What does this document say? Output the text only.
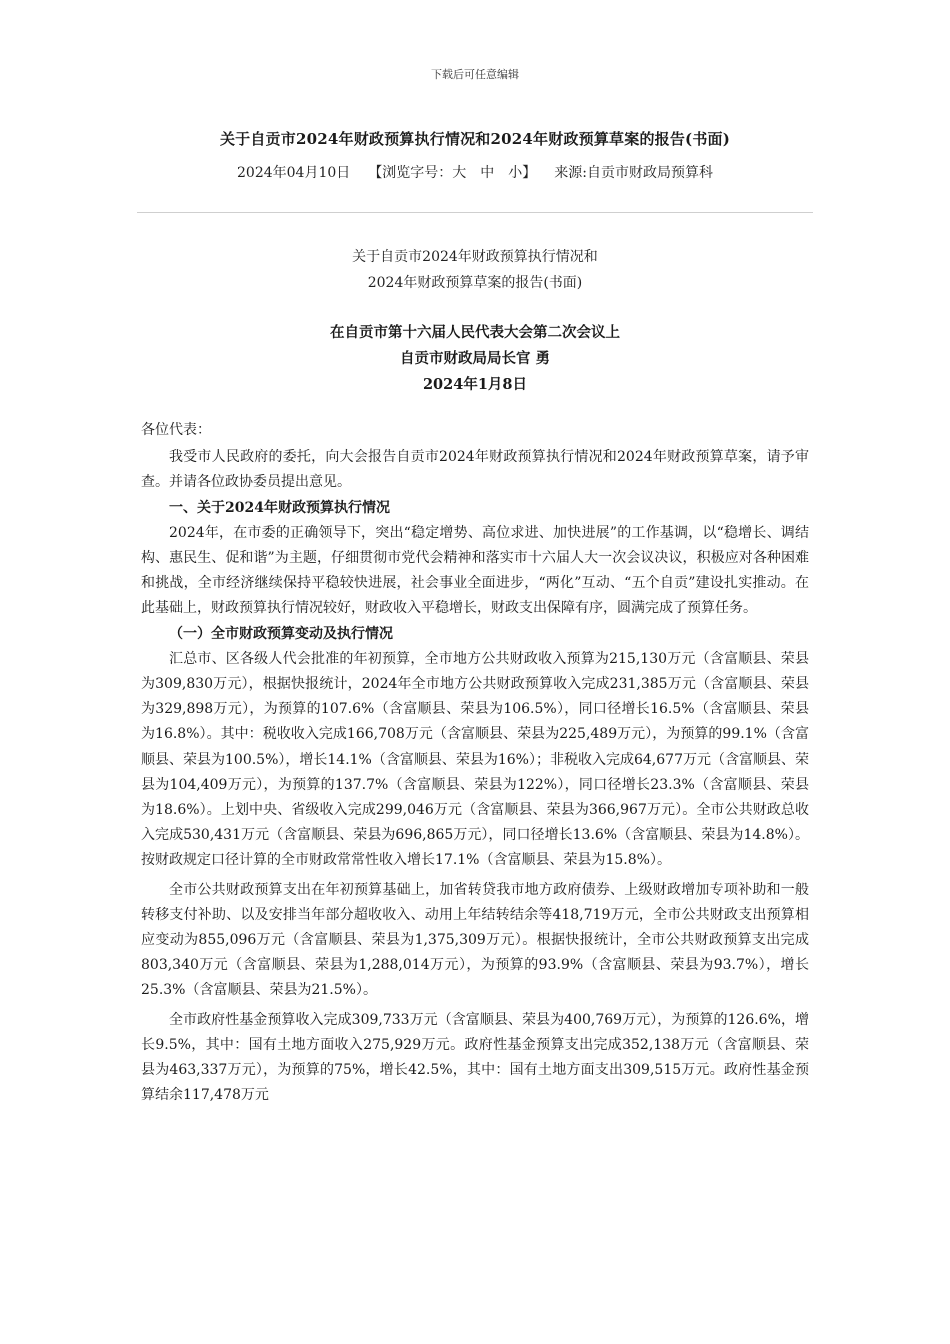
下载后可任意编辑
关于自贡市2024年财政预算执行情况和2024年财政预算草案的报告(书面)
2024年04月10日 【浏览字号：大　中　小】 来源:自贡市财政局预算科
关于自贡市2024年财政预算执行情况和
2024年财政预算草案的报告(书面)
在自贡市第十六届人民代表大会第二次会议上
自贡市财政局局长官 勇
2024年1月8日

各位代表：

我受市人民政府的委托，向大会报告自贡市2024年财政预算执行情况和2024年财政预算草案，请予审查。并请各位政协委员提出意见。

一、关于2024年财政预算执行情况

2024年，在市委的正确领导下，突出“稳定增势、高位求进、加快进展”的工作基调，以“稳增长、调结构、惠民生、促和谐”为主题，仔细贯彻市党代会精神和落实市十六届人大一次会议决议，积极应对各种困难和挑战，全市经济继续保持平稳较快进展，社会事业全面进步，“两化”互动、“五个自贡”建设扎实推动。在此基础上，财政预算执行情况较好，财政收入平稳增长，财政支出保障有序，圆满完成了预算任务。

（一）全市财政预算变动及执行情况

汇总市、区各级人代会批准的年初预算，全市地方公共财政收入预算为215,130万元（含富顺县、荣县为309,830万元），根据快报统计，2024年全市地方公共财政预算收入完成231,385万元（含富顺县、荣县为329,898万元），为预算的107.6%（含富顺县、荣县为106.5%），同口径增长16.5%（含富顺县、荣县为16.8%）。其中：税收收入完成166,708万元（含富顺县、荣县为225,489万元），为预算的99.1%（含富顺县、荣县为100.5%），增长14.1%（含富顺县、荣县为16%）；非税收入完成64,677万元（含富顺县、荣县为104,409万元），为预算的137.7%（含富顺县、荣县为122%），同口径增长23.3%（含富顺县、荣县为18.6%）。上划中央、省级收入完成299,046万元（含富顺县、荣县为366,967万元）。全市公共财政总收入完成530,431万元（含富顺县、荣县为696,865万元），同口径增长13.6%（含富顺县、荣县为14.8%）。按财政规定口径计算的全市财政常常性收入增长17.1%（含富顺县、荣县为15.8%）。

全市公共财政预算支出在年初预算基础上，加省转贷我市地方政府债券、上级财政增加专项补助和一般转移支付补助、以及安排当年部分超收收入、动用上年结转结余等418,719万元，全市公共财政支出预算相应变动为855,096万元（含富顺县、荣县为1,375,309万元）。根据快报统计，全市公共财政预算支出完成803,340万元（含富顺县、荣县为1,288,014万元），为预算的93.9%（含富顺县、荣县为93.7%），增长25.3%（含富顺县、荣县为21.5%）。

全市政府性基金预算收入完成309,733万元（含富顺县、荣县为400,769万元），为预算的126.6%，增长9.5%，其中：国有土地方面收入275,929万元。政府性基金预算支出完成352,138万元（含富顺县、荣县为463,337万元），为预算的75%，增长42.5%，其中：国有土地方面支出309,515万元。政府性基金预算结余117,478万元
